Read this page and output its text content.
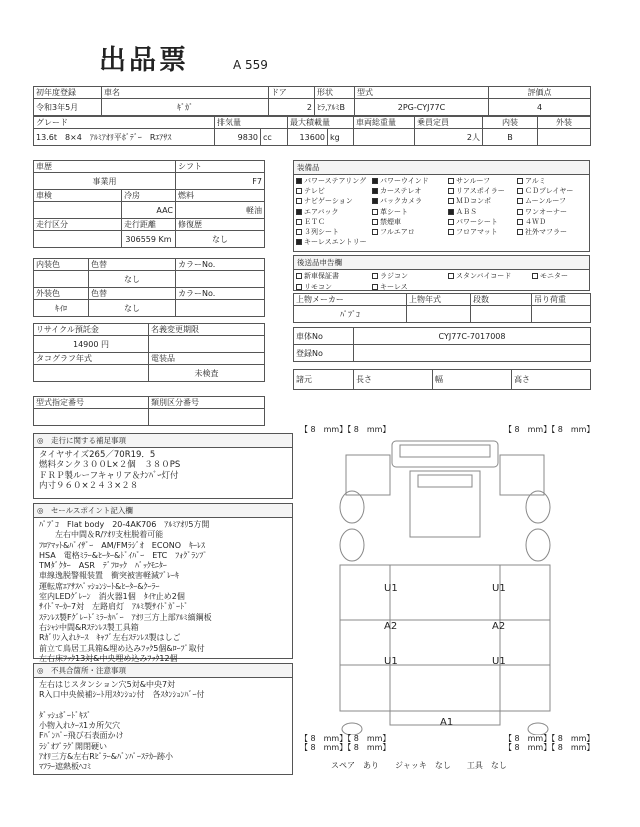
出品票	A 559
初年度登録	車名	ドア	形状	型式	評価点
令和3年5月	ｷﾞｶﾞ	2	ﾋﾗ,ｱﾙﾐB	2PG-CYJ77C	4
グレード	排気量		最大積載量		車両総重量	乗員定員	内装	外装
13.6t　8×4　ｱﾙﾐｱｵﾘ平ﾎﾞﾃﾞｰ　Rｴｱｻｽ	9830	cc	13600	kg		2人	B	
車歴		シフト
事業用		F7
車検	冷房	燃料
	AAC	軽油
走行区分	走行距離	修復歴
	306559 Km	なし
内装色	色替	カラーNo.
	なし	
外装色	色替	カラーNo.
ｷｲﾛ	なし	
リサイクル預託金	名義変更期限
14900 円	
タコグラフ年式	電装品
	未検査
型式指定番号	類別区分番号

装備品
パワーステアリング	パワーウインド	サンルーフ	アルミ
テレビ	カーステレオ	リアスポイラー	ＣＤプレイヤー
ナビゲーション	バックカメラ	ＭＤコンポ	ムーンルーフ
エアバック	革シート	ＡＢＳ	ワンオーナー
ＥＴＣ	禁煙車	パワーシート	４ＷＤ
３列シート	フルエアロ	フロアマット	社外マフラー
キーレスエントリー
後送品申告欄
新車保証書	ラジコン	スタンバイコード	モニター
リモコン	キーレス
上物メーカー	上物年式	段数	吊り荷重
ﾊﾟﾌﾞｺ			
車体No	CYJ77C-7017008
登録No	
諸元	長さ	幅	高さ
◎　走行に関する補足事項
タイヤサイズ265／70R19．5
燃料タンク３００L×２個　３８０PS
ＦＲＰ製ルーフキャリア＆ﾅﾝﾊﾞｰ灯付
内寸９６０×２４３×２８
◎　セールスポイント記入欄
ﾊﾟﾌﾞｺ　Flat body　20-4AK706　ｱﾙﾐｱｵﾘ5方開
　　左右中間＆R/ｱｵﾘ支柱脱着可能
ﾌﾛｱﾏｯﾄ&ﾊﾞｲｻﾞｰ　AM/FMﾗｼﾞｵ　ECONO　ｷｰﾚｽ
HSA　電格ﾐﾗｰ&ﾋｰﾀｰ&ﾄﾞｲﾊﾞｰ　ETC　ﾌｫｸﾞﾗﾝﾌﾟ
TMﾀﾞｸﾀｰ　ASR　ﾃﾞﾌﾛｯｸ　ﾊﾞｯｸﾓﾆﾀｰ
車線逸脱警報装置　衝突被害軽減ﾌﾞﾚｰｷ
運転席ｴｱｻｽﾍﾟｯｼｮﾝｼｰﾄ&ﾋｰﾀｰ&ｸｰﾗｰ
室内LEDｸﾞﾚｰﾝ　消火器1個　ﾀｲﾔ止め2個
ｻｲﾄﾞﾏｰｶｰ7対　左路肩灯　ｱﾙﾐ製ｻｲﾄﾞｶﾞｰﾄﾞ
ｽﾃﾝﾚｽ製Fｸﾞﾚｰﾄﾞﾐﾗｰｶﾊﾞｰ　ｱｵﾘ三方上部ｱﾙﾐ縞鋼板
右ｼｬｼ中間&Rｽﾃﾝﾚｽ製工具箱
Rｶﾞﾘﾝ入れｹｰｽ　ｷｬﾌﾞ左右ｽﾃﾝﾚｽ製はしご
前立て鳥居工具箱&埋め込みﾌｯｸ5個&ﾛｰﾌﾟ取付
左右床ﾌｯｸ13対&中央埋め込みﾌｯｸ12個
◎　不具合箇所・注意事項
左右はじスタンション穴5対&中央7対
R入口中央候補ｼｰﾄ用ｽﾀﾝｼｮﾝ付　各ｽﾀﾝｼｮﾝﾊﾞｰ付

ﾀﾞｯｼｭﾎﾞｰﾄﾞｷｽﾞ
小物入れｹｰｽ1カ所欠穴
Fﾊﾞﾝﾊﾟｰ飛び石表面かけ
ﾗｼﾞｵﾌﾟﾗｸﾞ開閉硬い
ｱｵﾘ三方&左右Rﾋﾟﾗｰ&ﾊﾞﾝﾊﾟｰｽﾃｶｰ跡小
ﾏﾌﾗｰ遮熱板ﾍｺﾐ
【 8　mm】【 8　mm】	【 8　mm】【 8　mm】
U1	U1
A2	A2
U1	U1
A1
【 8　mm】【 8　mm】
【 8　mm】【 8　mm】
【 8　mm】【 8　mm】
【 8　mm】【 8　mm】
スペア　 あり　　 ジャッキ　 なし　　 工具　 なし
